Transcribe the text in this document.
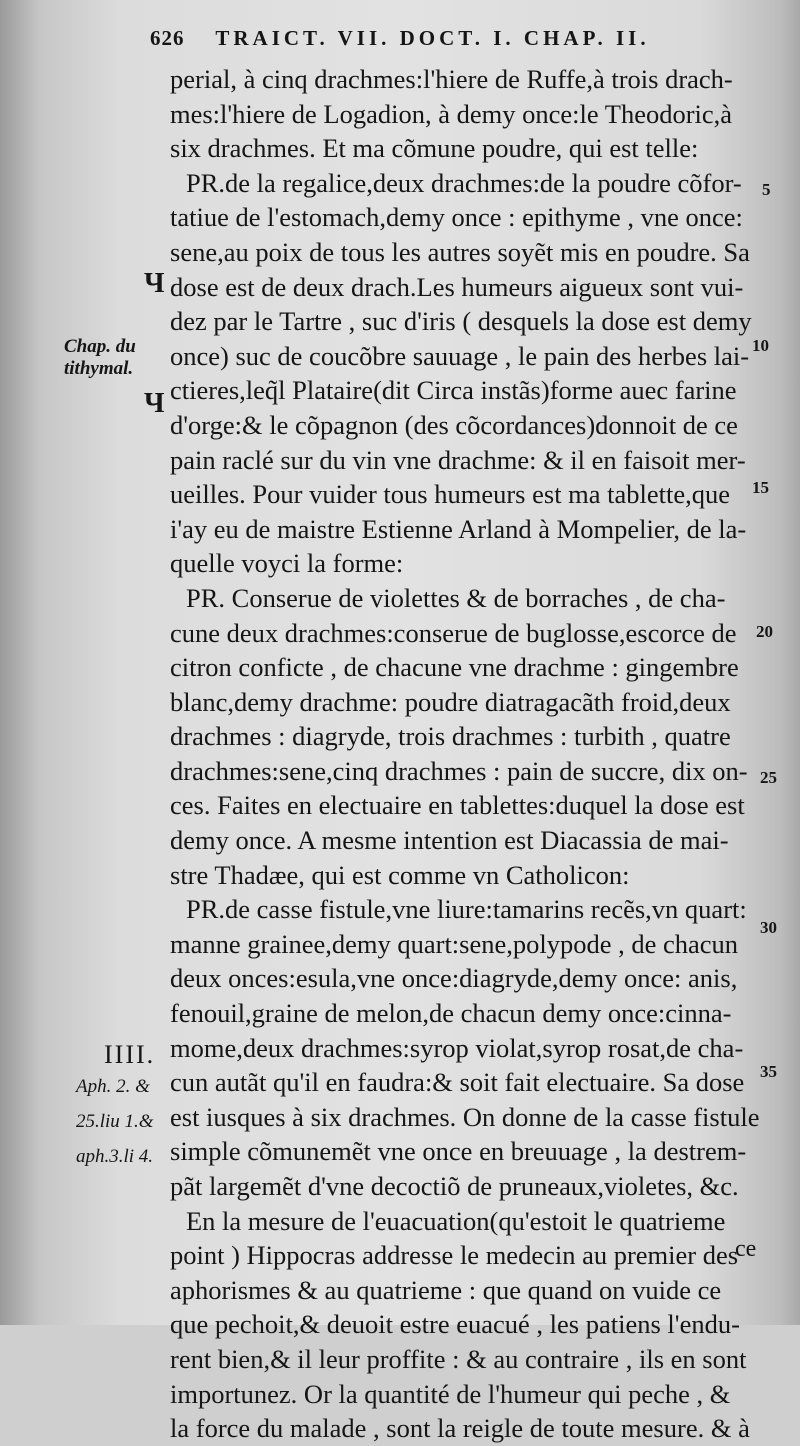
626 TRAICT. VII. DOCT. I. CHAP. II.
perial, à cinq drachmes:l'hiere de Ruffe,à trois drach-
mes:l'hiere de Logadion, à demy once:le Theodoric,à
six drachmes. Et ma cõmune poudre, qui est telle:
PR.de la regalice,deux drachmes:de la poudre cõfor-
tatiue de l'estomach,demy once : epithyme , vne once:
sene,au poix de tous les autres soyẽt mis en poudre. Sa
dose est de deux drach.Les humeurs aigueux sont vui-
dez par le Tartre , suc d'iris ( desquels la dose est demy
once) suc de coucõbre sauuage , le pain des herbes lai-
ctieres,leq̃l Plataire(dit Circa instãs)forme auec farine
d'orge:& le cõpagnon (des cõcordances)donnoit de ce
pain raclé sur du vin vne drachme: & il en faisoit mer-
ueilles. Pour vuider tous humeurs est ma tablette,que
i'ay eu de maistre Estienne Arland à Mompelier, de la-
quelle voyci la forme:
PR. Conserue de violettes & de borraches , de cha-
cune deux drachmes:conserue de buglosse,escorce de
citron conficte , de chacune vne drachme : gingembre
blanc,demy drachme: poudre diatragacãth froid,deux
drachmes : diagryde, trois drachmes : turbith , quatre
drachmes:sene,cinq drachmes : pain de succre, dix on-
ces. Faites en electuaire en tablettes:duquel la dose est
demy once. A mesme intention est Diacassia de mai-
stre Thadæe, qui est comme vn Catholicon:
PR.de casse fistule,vne liure:tamarins recẽs,vn quart:
manne grainee,demy quart:sene,polypode , de chacun
deux onces:esula,vne once:diagryde,demy once: anis,
fenouil,graine de melon,de chacun demy once:cinna-
mome,deux drachmes:syrop violat,syrop rosat,de cha-
cun autãt qu'il en faudra:& soit fait electuaire. Sa dose
est iusques à six drachmes. On donne de la casse fistule
simple cõmunemẽt vne once en breuuage , la destrem-
pãt largemẽt d'vne decoctiõ de pruneaux,violetes, &c.
En la mesure de l'euacuation(qu'estoit le quatrieme
point ) Hippocras addresse le medecin au premier des
aphorismes & au quatrieme : que quand on vuide ce
que pechoit,& deuoit estre euacué , les patiens l'endu-
rent bien,& il leur proffite : & au contraire , ils en sont
importunez. Or la quantité de l'humeur qui peche , &
la force du malade , sont la reigle de toute mesure. & à
ce
Ч
Chap. du
tithymal.
Ч
IIII.
Aph. 2. &
25.liu 1.&
aph.3.li 4.
5
10
15
20
25
30
35
